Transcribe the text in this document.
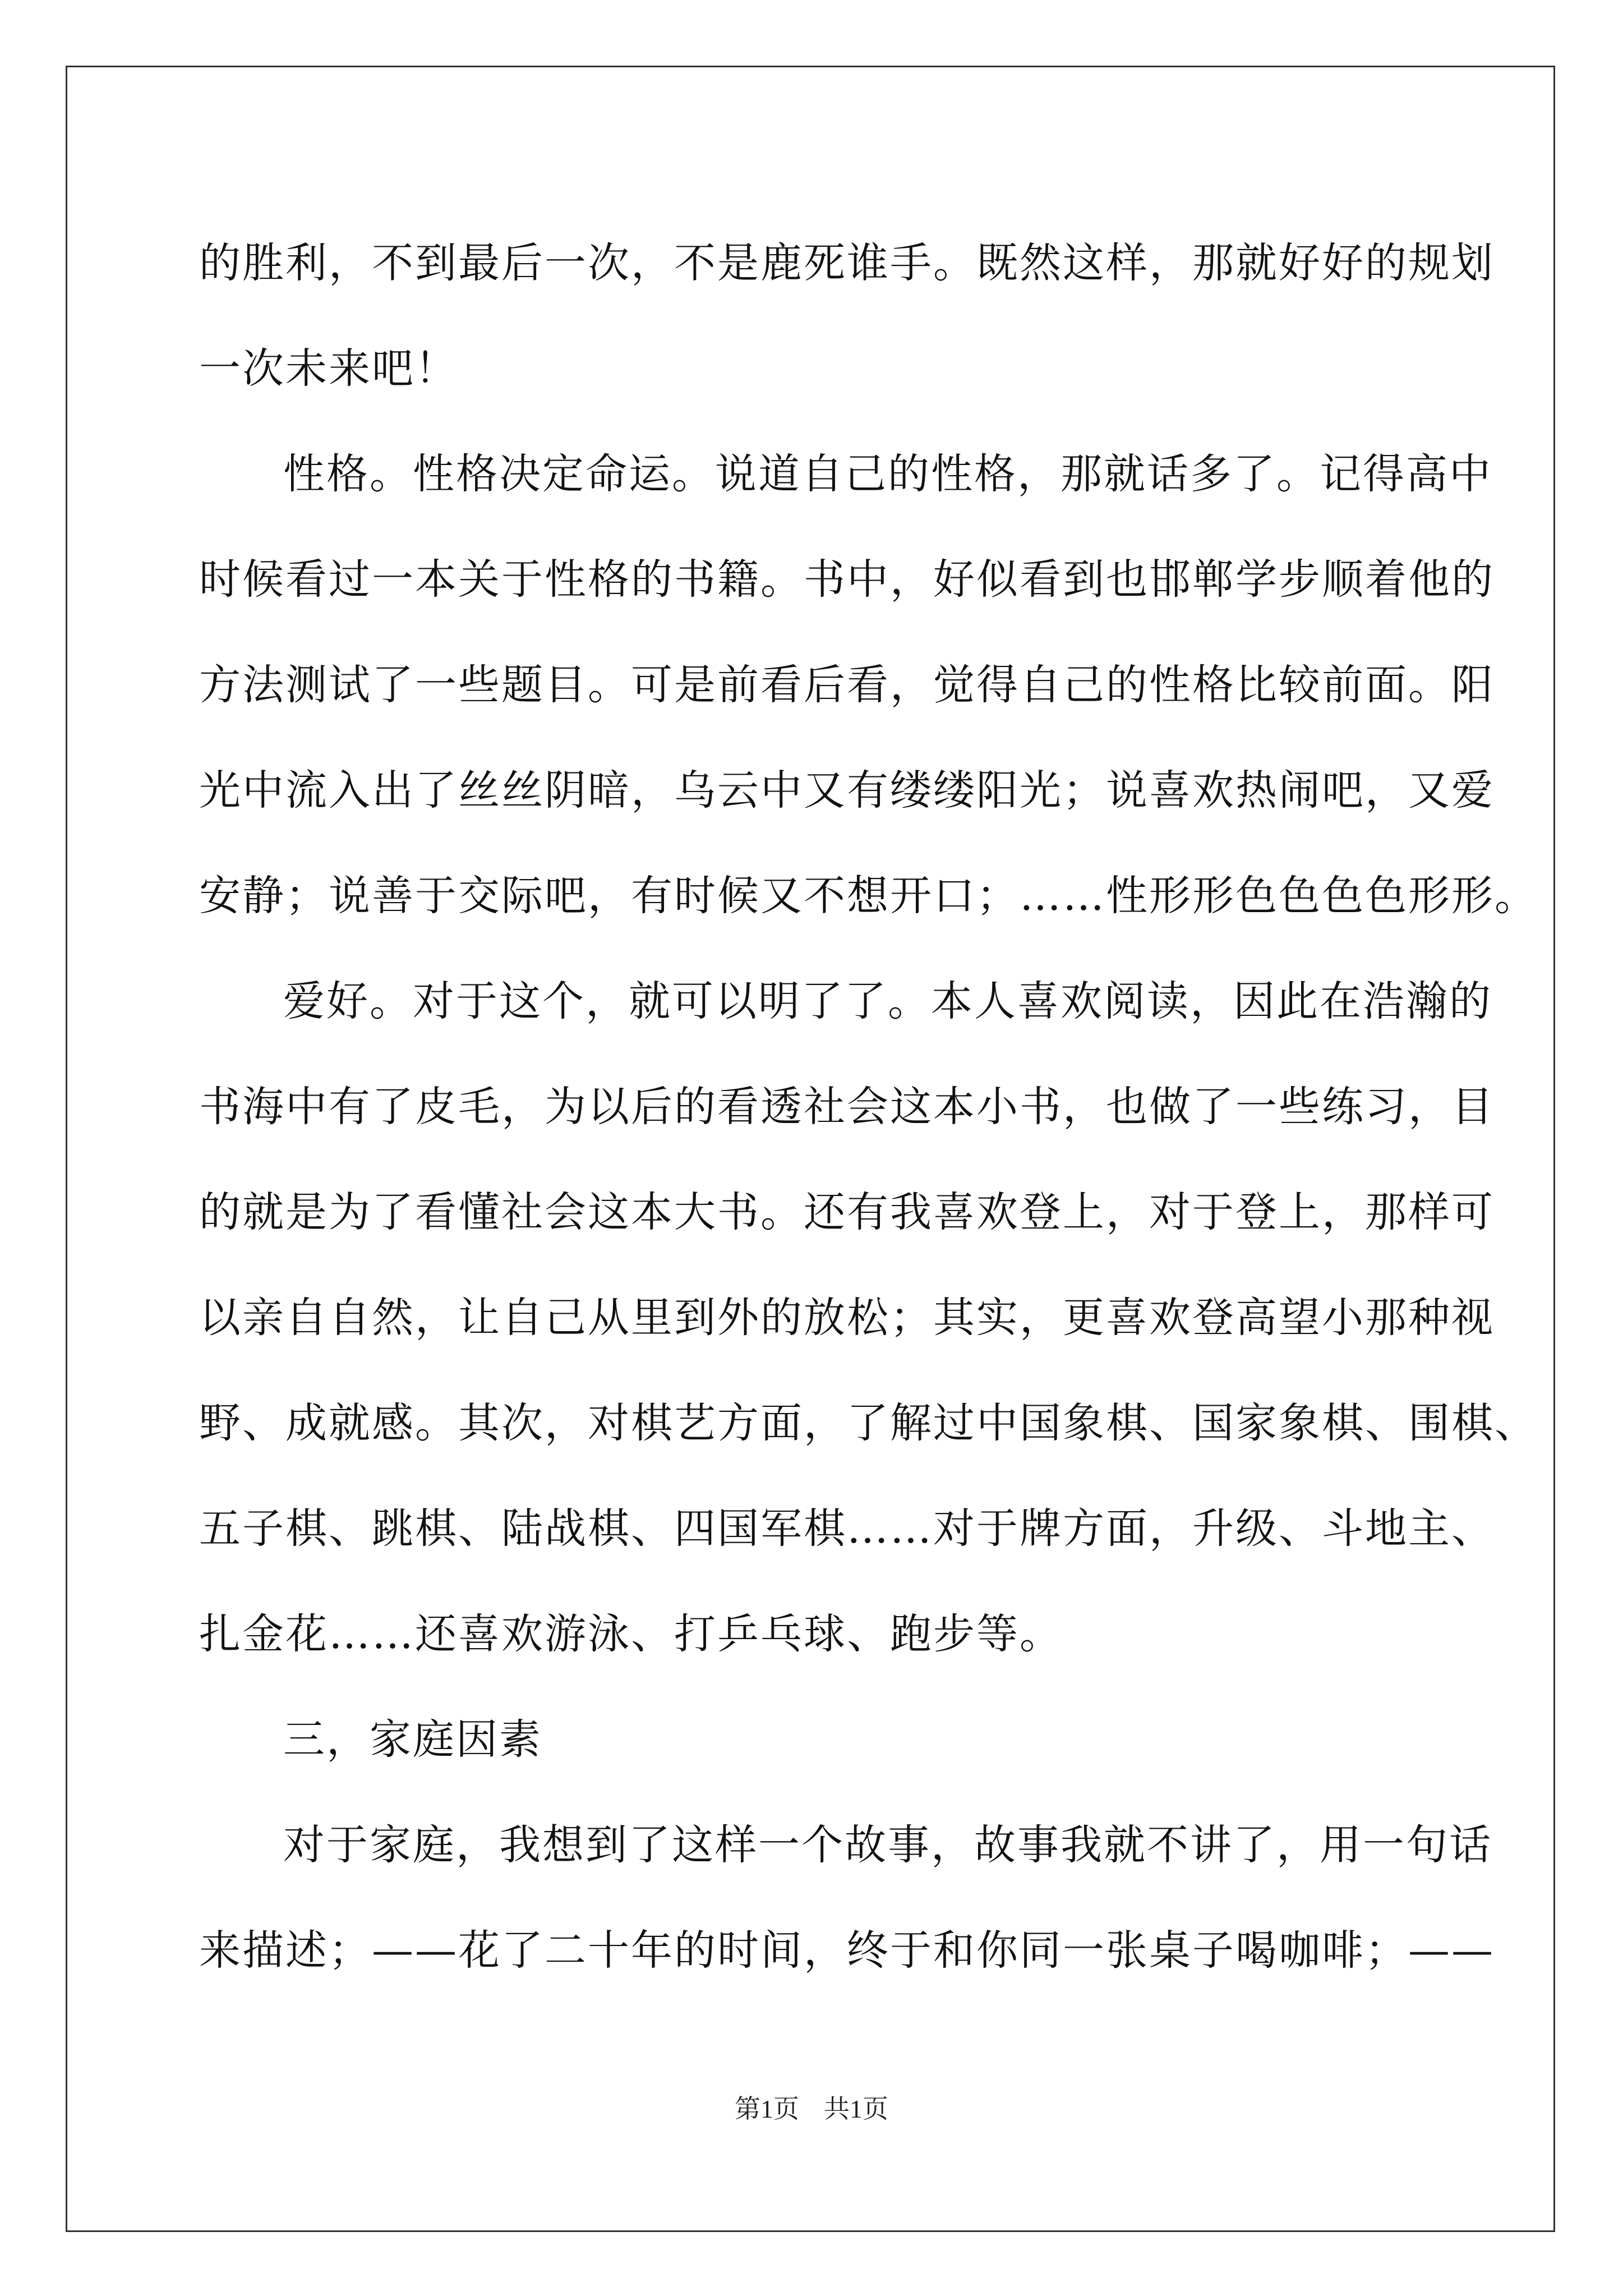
的胜利，不到最后一次，不是鹿死谁手。既然这样，那就好好的规划

一次未来吧！

性格。性格决定命运。说道自己的性格，那就话多了。记得高中

时候看过一本关于性格的书籍。书中，好似看到也邯郸学步顺着他的

方法测试了一些题目。可是前看后看，觉得自己的性格比较前面。阳

光中流入出了丝丝阴暗，乌云中又有缕缕阳光；说喜欢热闹吧，又爱

安静；说善于交际吧，有时候又不想开口；……性形形色色色色形形。

爱好。对于这个，就可以明了了。本人喜欢阅读，因此在浩瀚的

书海中有了皮毛，为以后的看透社会这本小书，也做了一些练习，目

的就是为了看懂社会这本大书。还有我喜欢登上，对于登上，那样可

以亲自自然，让自己从里到外的放松；其实，更喜欢登高望小那种视

野、成就感。其次，对棋艺方面，了解过中国象棋、国家象棋、围棋、

五子棋、跳棋、陆战棋、四国军棋……对于牌方面，升级、斗地主、

扎金花……还喜欢游泳、打乒乓球、跑步等。

三，家庭因素

对于家庭，我想到了这样一个故事，故事我就不讲了，用一句话

来描述；——花了二十年的时间，终于和你同一张桌子喝咖啡；——

第1页 共1页
